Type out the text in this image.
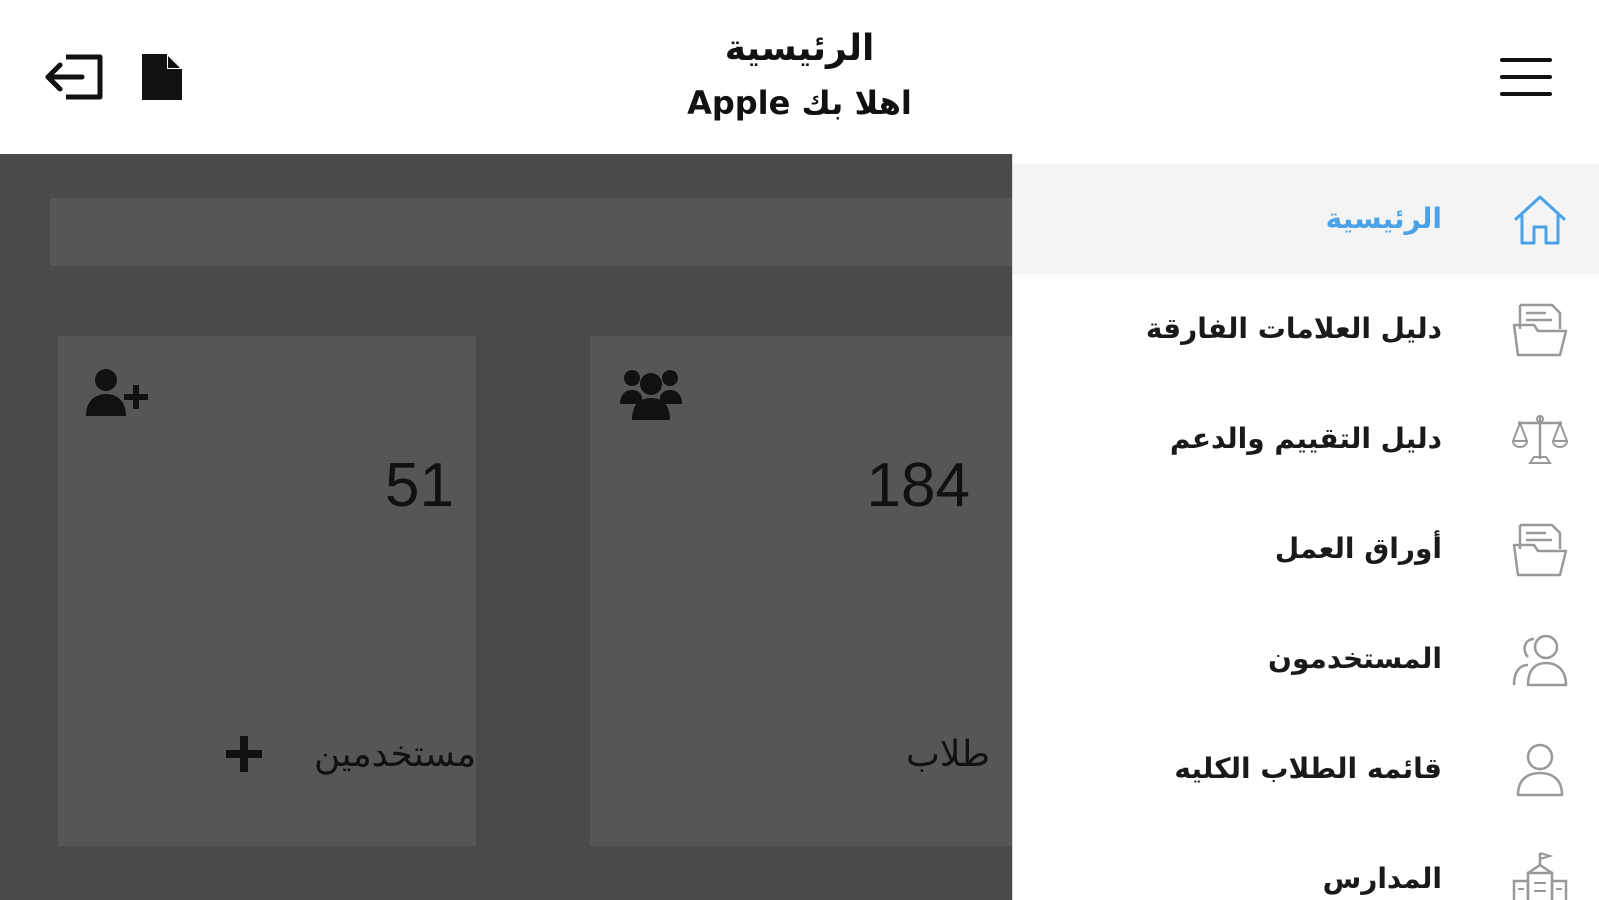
الرئيسية
اهلا بك Apple
51
مستخدمين
184
طلاب
الرئيسية
دليل العلامات الفارقة
دليل التقييم والدعم
أوراق العمل
المستخدمون
قائمه الطلاب الكليه
المدارس
